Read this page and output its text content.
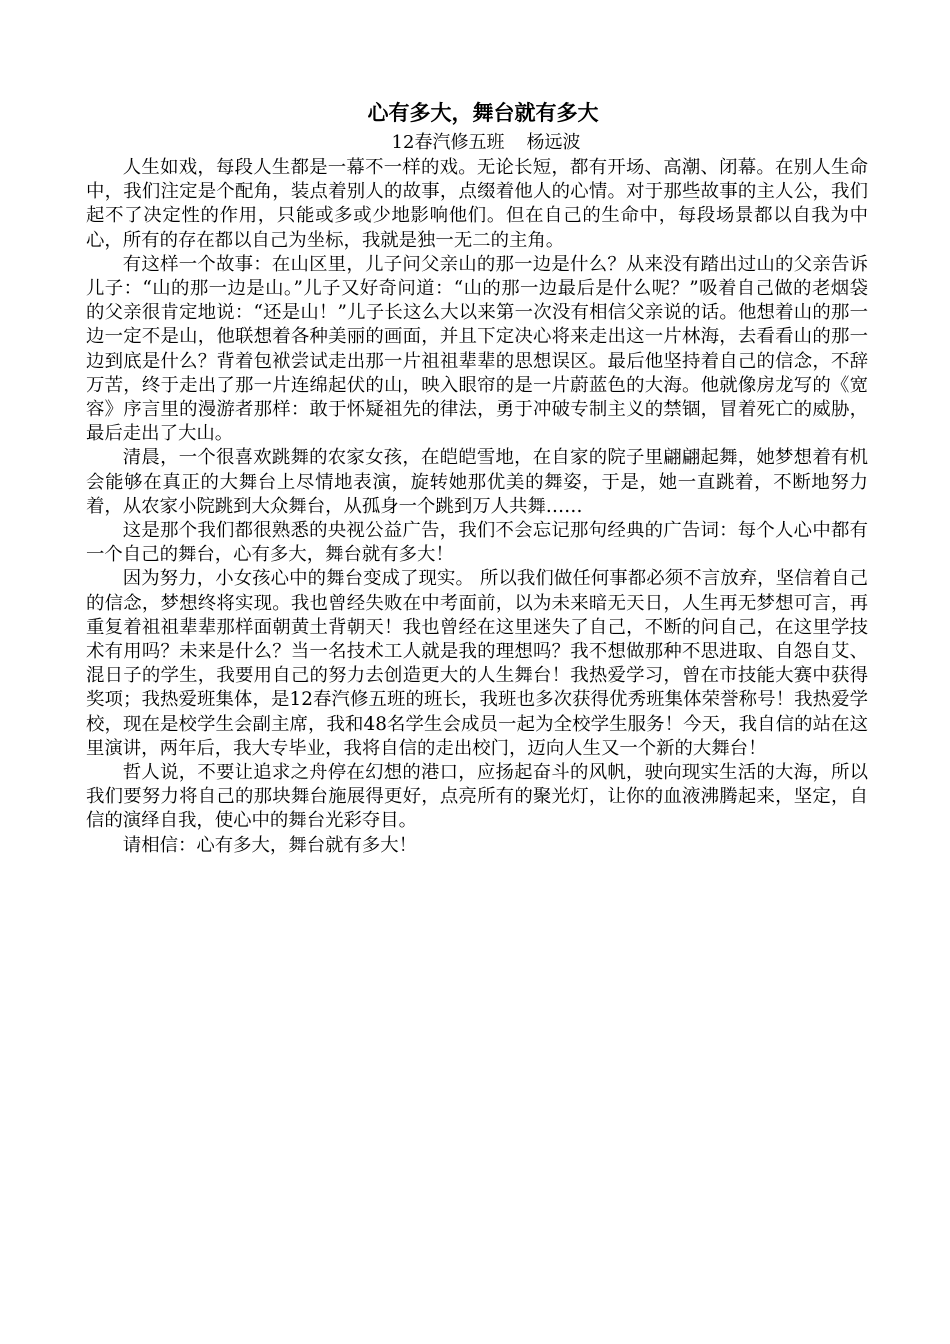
心有多大，舞台就有多大
12春汽修五班 杨远波

人生如戏，每段人生都是一幕不一样的戏。无论长短，都有开场、高潮、闭幕。在别人生命中，我们注定是个配角，装点着别人的故事，点缀着他人的心情。对于那些故事的主人公，我们起不了决定性的作用，只能或多或少地影响他们。但在自己的生命中，每段场景都以自我为中心，所有的存在都以自己为坐标，我就是独一无二的主角。

有这样一个故事：在山区里，儿子问父亲山的那一边是什么？从来没有踏出过山的父亲告诉儿子：“山的那一边是山。”儿子又好奇问道：“山的那一边最后是什么呢？”吸着自己做的老烟袋的父亲很肯定地说：“还是山！”儿子长这么大以来第一次没有相信父亲说的话。他想着山的那一边一定不是山，他联想着各种美丽的画面，并且下定决心将来走出这一片林海，去看看山的那一边到底是什么？背着包袱尝试走出那一片祖祖辈辈的思想误区。最后他坚持着自己的信念，不辞万苦，终于走出了那一片连绵起伏的山，映入眼帘的是一片蔚蓝色的大海。他就像房龙写的《宽容》序言里的漫游者那样：敢于怀疑祖先的律法，勇于冲破专制主义的禁锢，冒着死亡的威胁，最后走出了大山。

清晨，一个很喜欢跳舞的农家女孩，在皑皑雪地，在自家的院子里翩翩起舞，她梦想着有机会能够在真正的大舞台上尽情地表演，旋转她那优美的舞姿，于是，她一直跳着，不断地努力着，从农家小院跳到大众舞台，从孤身一个跳到万人共舞……

这是那个我们都很熟悉的央视公益广告，我们不会忘记那句经典的广告词：每个人心中都有一个自己的舞台，心有多大，舞台就有多大！

因为努力，小女孩心中的舞台变成了现实。 所以我们做任何事都必须不言放弃，坚信着自己的信念，梦想终将实现。我也曾经失败在中考面前，以为未来暗无天日，人生再无梦想可言，再重复着祖祖辈辈那样面朝黄土背朝天！我也曾经在这里迷失了自己，不断的问自己，在这里学技术有用吗？未来是什么？当一名技术工人就是我的理想吗？我不想做那种不思进取、自怨自艾、混日子的学生，我要用自己的努力去创造更大的人生舞台！我热爱学习，曾在市技能大赛中获得奖项；我热爱班集体，是12春汽修五班的班长，我班也多次获得优秀班集体荣誉称号！我热爱学校，现在是校学生会副主席，我和48名学生会成员一起为全校学生服务！今天，我自信的站在这里演讲，两年后，我大专毕业，我将自信的走出校门，迈向人生又一个新的大舞台！

哲人说，不要让追求之舟停在幻想的港口，应扬起奋斗的风帆，驶向现实生活的大海，所以我们要努力将自己的那块舞台施展得更好，点亮所有的聚光灯，让你的血液沸腾起来，坚定，自信的演绎自我，使心中的舞台光彩夺目。

请相信：心有多大，舞台就有多大！
